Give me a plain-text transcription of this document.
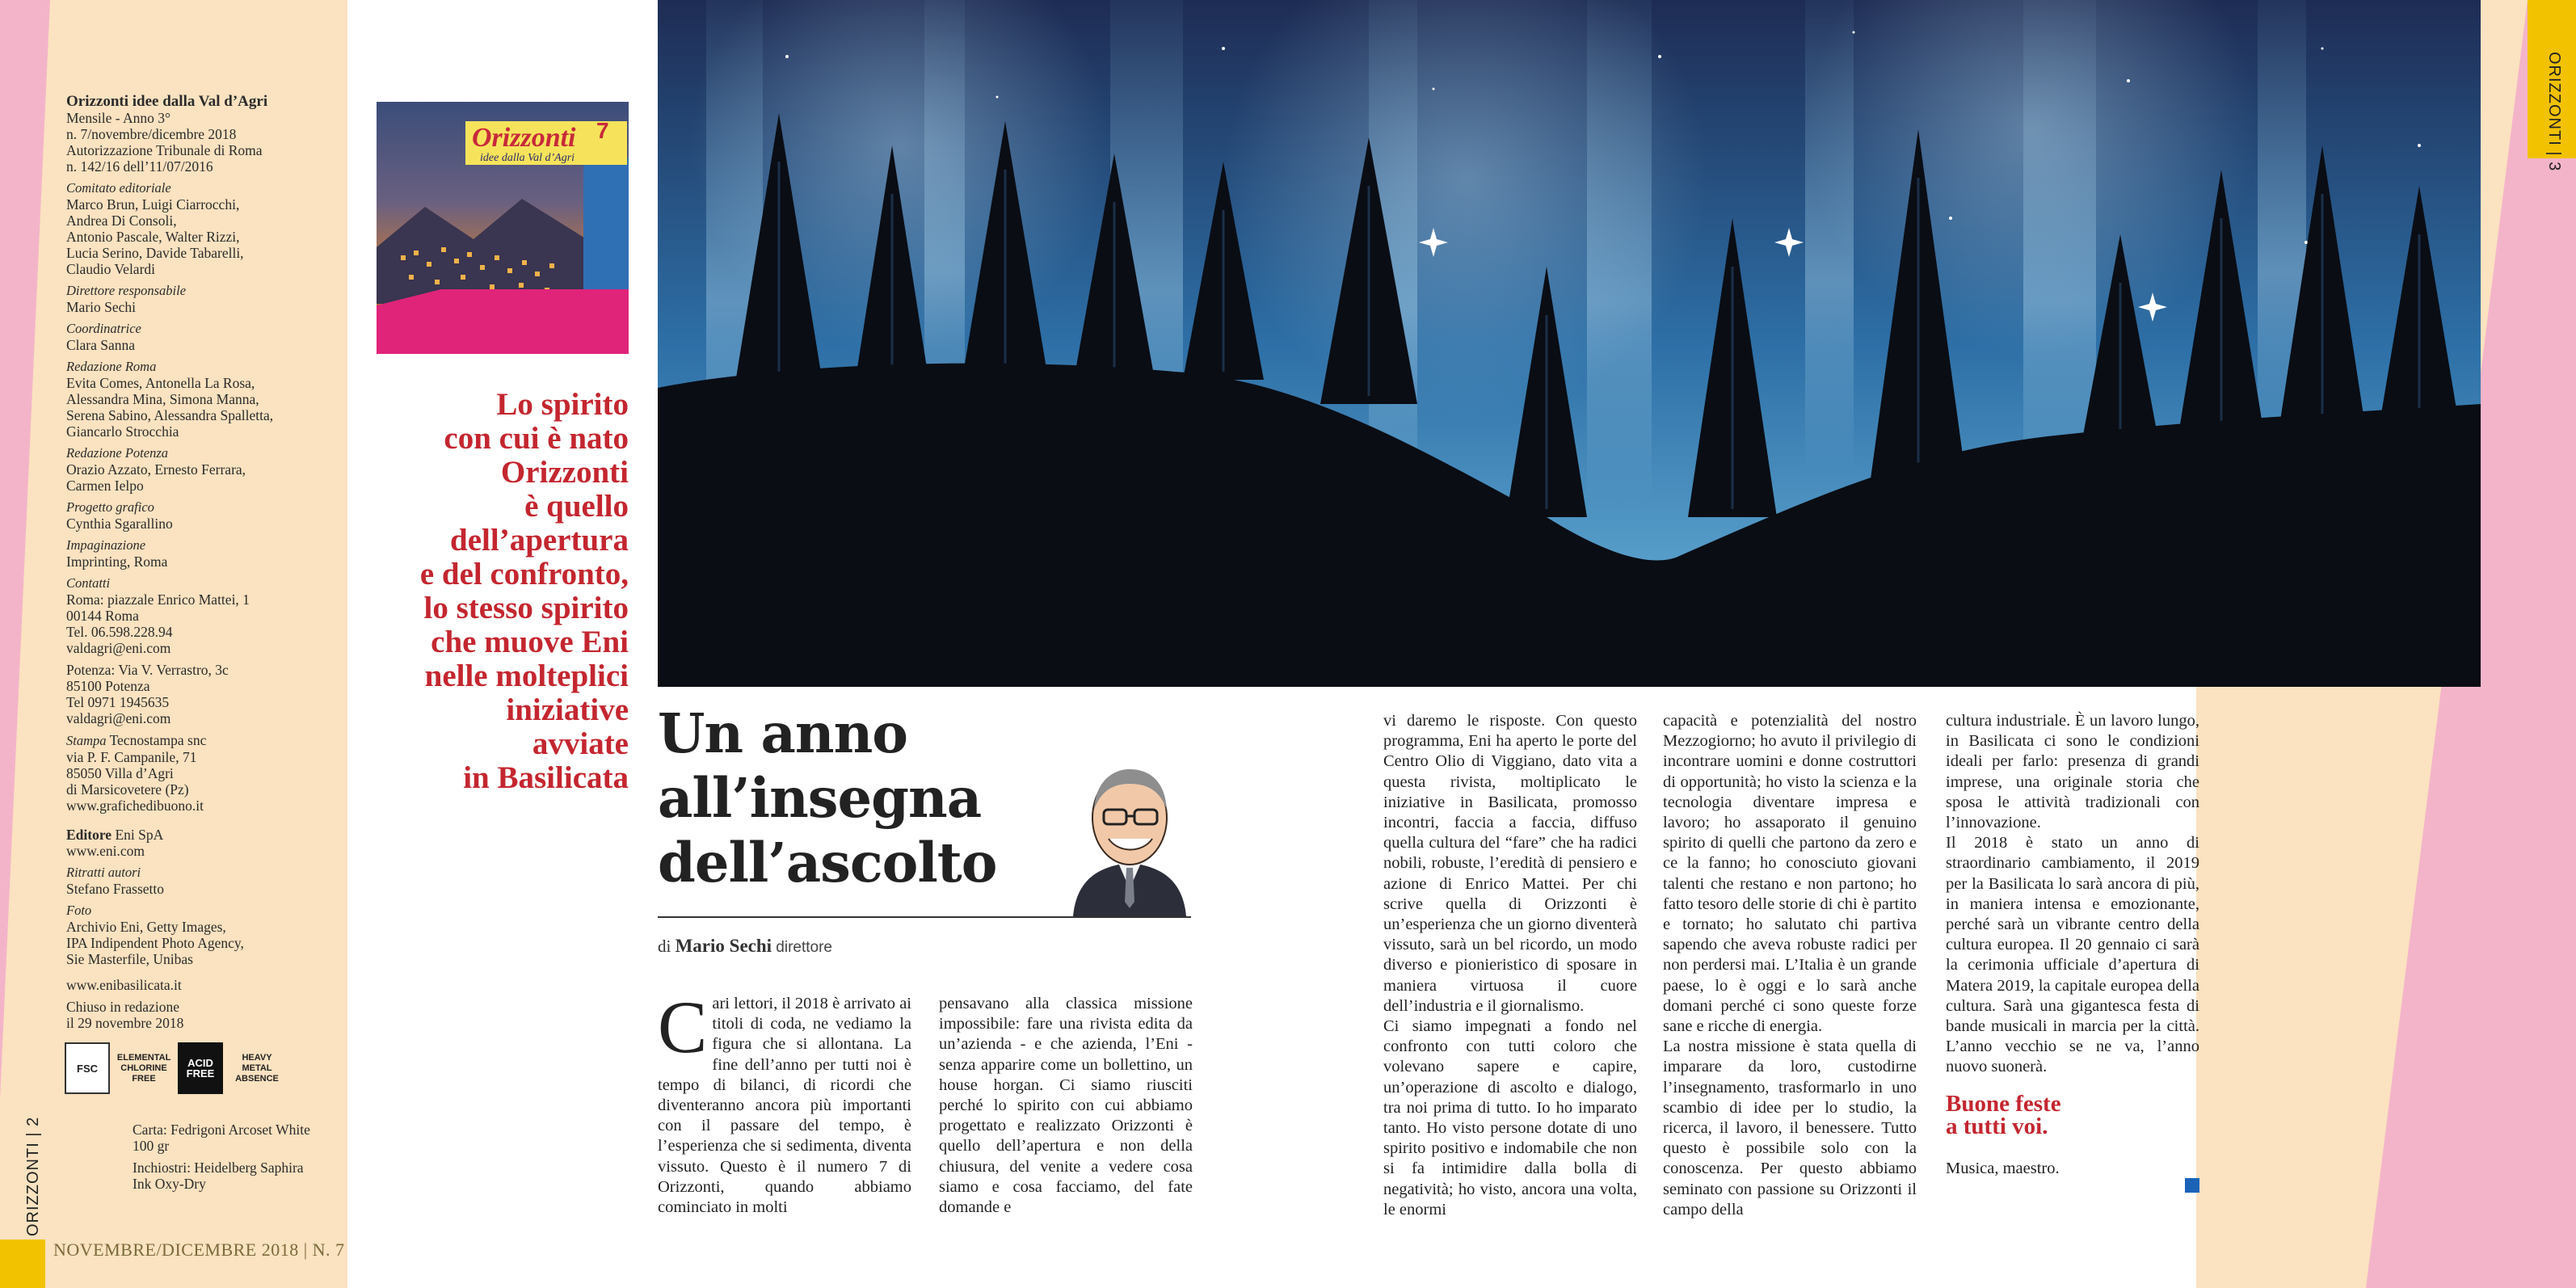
Orizzonti idee dalla Val d’Agri
Mensile - Anno 3°
n. 7/novembre/dicembre 2018
Autorizzazione Tribunale di Roma
n. 142/16 dell’11/07/2016
Comitato editoriale
Marco Brun, Luigi Ciarrocchi,
Andrea Di Consoli,
Antonio Pascale, Walter Rizzi,
Lucia Serino, Davide Tabarelli,
Claudio Velardi
Direttore responsabile
Mario Sechi
Coordinatrice
Clara Sanna
Redazione Roma
Evita Comes, Antonella La Rosa,
Alessandra Mina, Simona Manna,
Serena Sabino, Alessandra Spalletta,
Giancarlo Strocchia
Redazione Potenza
Orazio Azzato, Ernesto Ferrara,
Carmen Ielpo
Progetto grafico
Cynthia Sgarallino
Impaginazione
Imprinting, Roma
Contatti
Roma: piazzale Enrico Mattei, 1
00144 Roma
Tel. 06.598.228.94
valdagri@eni.com
Potenza: Via V. Verrastro, 3c
85100 Potenza
Tel 0971 1945635
valdagri@eni.com
Stampa Tecnostampa snc
via P. F. Campanile, 71
85050 Villa d’Agri
di Marsicovetere (Pz)
www.grafichedibuono.it
Editore Eni SpA
www.eni.com
Ritratti autori
Stefano Frassetto
Foto
Archivio Eni, Getty Images,
IPA Indipendent Photo Agency,
Sie Masterfile, Unibas
www.enibasilicata.it
Chiuso in redazione
il 29 novembre 2018
FSC
ELEMENTAL CHLORINE FREE
ACID FREE
HEAVY METAL ABSENCE
Carta: Fedrigoni Arcoset White
100 gr
Inchiostri: Heidelberg Saphira
Ink Oxy-Dry
ORIZZONTI | 2
NOVEMBRE/DICEMBRE 2018 | N. 7
ORIZZONTI | 3
Orizzonti
idee dalla Val d’Agri
7
Lo spirito
con cui è nato
Orizzonti
è quello
dell’apertura
e del confronto,
lo stesso spirito
che muove Eni
nelle molteplici
iniziative
avviate
in Basilicata
Un anno
all’insegna
dell’ascolto
di Mario Sechi direttore

Cari lettori, il 2018 è arrivato ai titoli di coda, ne vediamo la figura che si allontana. La fine dell’anno per tutti noi è tempo di bilanci, di ricordi che diventeranno ancora più importanti con il passare del tempo, è l’esperienza che si sedimenta, diventa vissuto. Questo è il numero 7 di Orizzonti, quando abbiamo cominciato in molti

pensavano alla classica missione impossibile: fare una rivista edita da un’azienda - e che azienda, l’Eni - senza apparire come un bollettino, un house horgan. Ci siamo riusciti perché lo spirito con cui abbiamo progettato e realizzato Orizzonti è quello dell’apertura e non della chiusura, del venite a vedere cosa siamo e cosa facciamo, del fate domande e

vi daremo le risposte. Con questo programma, Eni ha aperto le porte del Centro Olio di Viggiano, dato vita a questa rivista, moltiplicato le iniziative in Basilicata, promosso incontri, faccia a faccia, diffuso quella cultura del “fare” che ha radici nobili, robuste, l’eredità di pensiero e azione di Enrico Mattei. Per chi scrive quella di Orizzonti è un’esperienza che un giorno diventerà vissuto, sarà un bel ricordo, un modo diverso e pionieristico di sposare in maniera virtuosa il cuore dell’industria e il giornalismo.

Ci siamo impegnati a fondo nel confronto con tutti coloro che volevano sapere e capire, un’operazione di ascolto e dialogo, tra noi prima di tutto. Io ho imparato tanto. Ho visto persone dotate di uno spirito positivo e indomabile che non si fa intimidire dalla bolla di negatività; ho visto, ancora una volta, le enormi

capacità e potenzialità del nostro Mezzogiorno; ho avuto il privilegio di incontrare uomini e donne costruttori di opportunità; ho visto la scienza e la tecnologia diventare impresa e lavoro; ho assaporato il genuino spirito di quelli che partono da zero e ce la fanno; ho conosciuto giovani talenti che restano e non partono; ho fatto tesoro delle storie di chi è partito e tornato; ho salutato chi partiva sapendo che aveva robuste radici per non perdersi mai. L’Italia è un grande paese, lo è oggi e lo sarà anche domani perché ci sono queste forze sane e ricche di energia.

La nostra missione è stata quella di imparare da loro, custodirne l’insegnamento, trasformarlo in uno scambio di idee per lo studio, la ricerca, il lavoro, il benessere. Tutto questo è possibile solo con la conoscenza. Per questo abbiamo seminato con passione su Orizzonti il campo della

cultura industriale. È un lavoro lungo, in Basilicata ci sono le condizioni ideali per farlo: presenza di grandi imprese, una originale storia che sposa le attività tradizionali con l’innovazione.

Il 2018 è stato un anno di straordinario cambiamento, il 2019 per la Basilicata lo sarà ancora di più, in maniera intensa e emozionante, perché sarà un vibrante centro della cultura europea. Il 20 gennaio ci sarà la cerimonia ufficiale d’apertura di Matera 2019, la capitale europea della cultura. Sarà una gigantesca festa di bande musicali in marcia per la città. L’anno vecchio se ne va, l’anno nuovo suonerà.

Buone feste
a tutti voi.

Musica, maestro.
